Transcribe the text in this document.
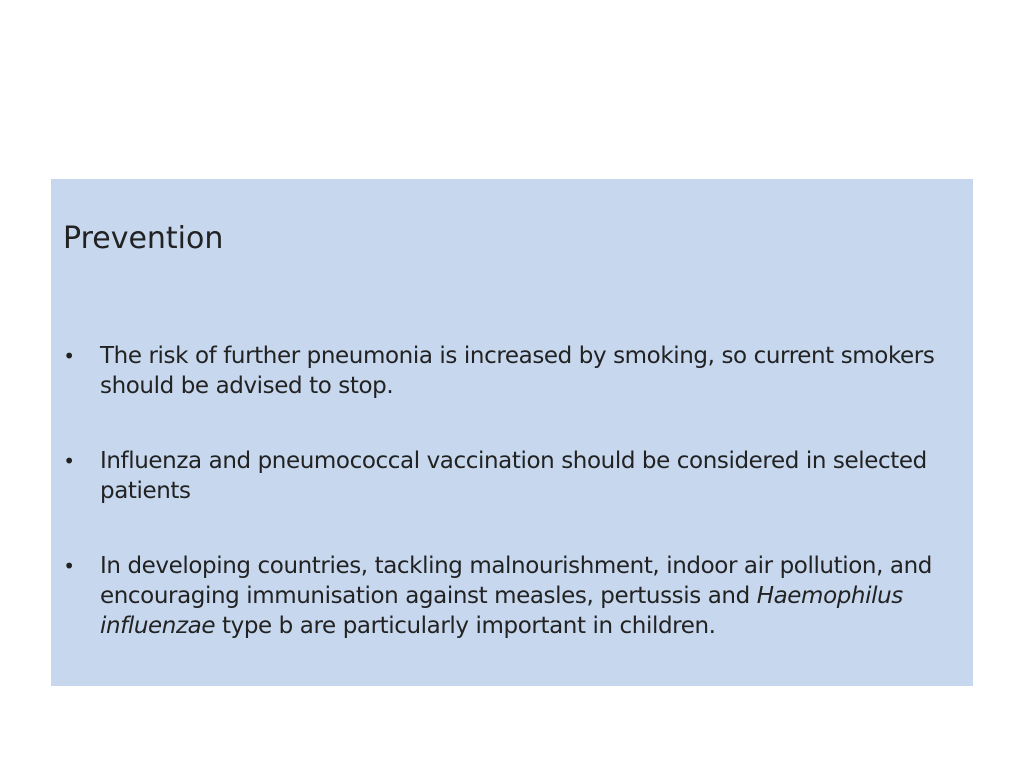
Prevention
• The risk of further pneumonia is increased by smoking, so current smokers should be advised to stop.
• Influenza and pneumococcal vaccination should be considered in selected patients
• In developing countries, tackling malnourishment, indoor air pollution, and encouraging immunisation against measles, pertussis and Haemophilus influenzae type b are particularly important in children.
